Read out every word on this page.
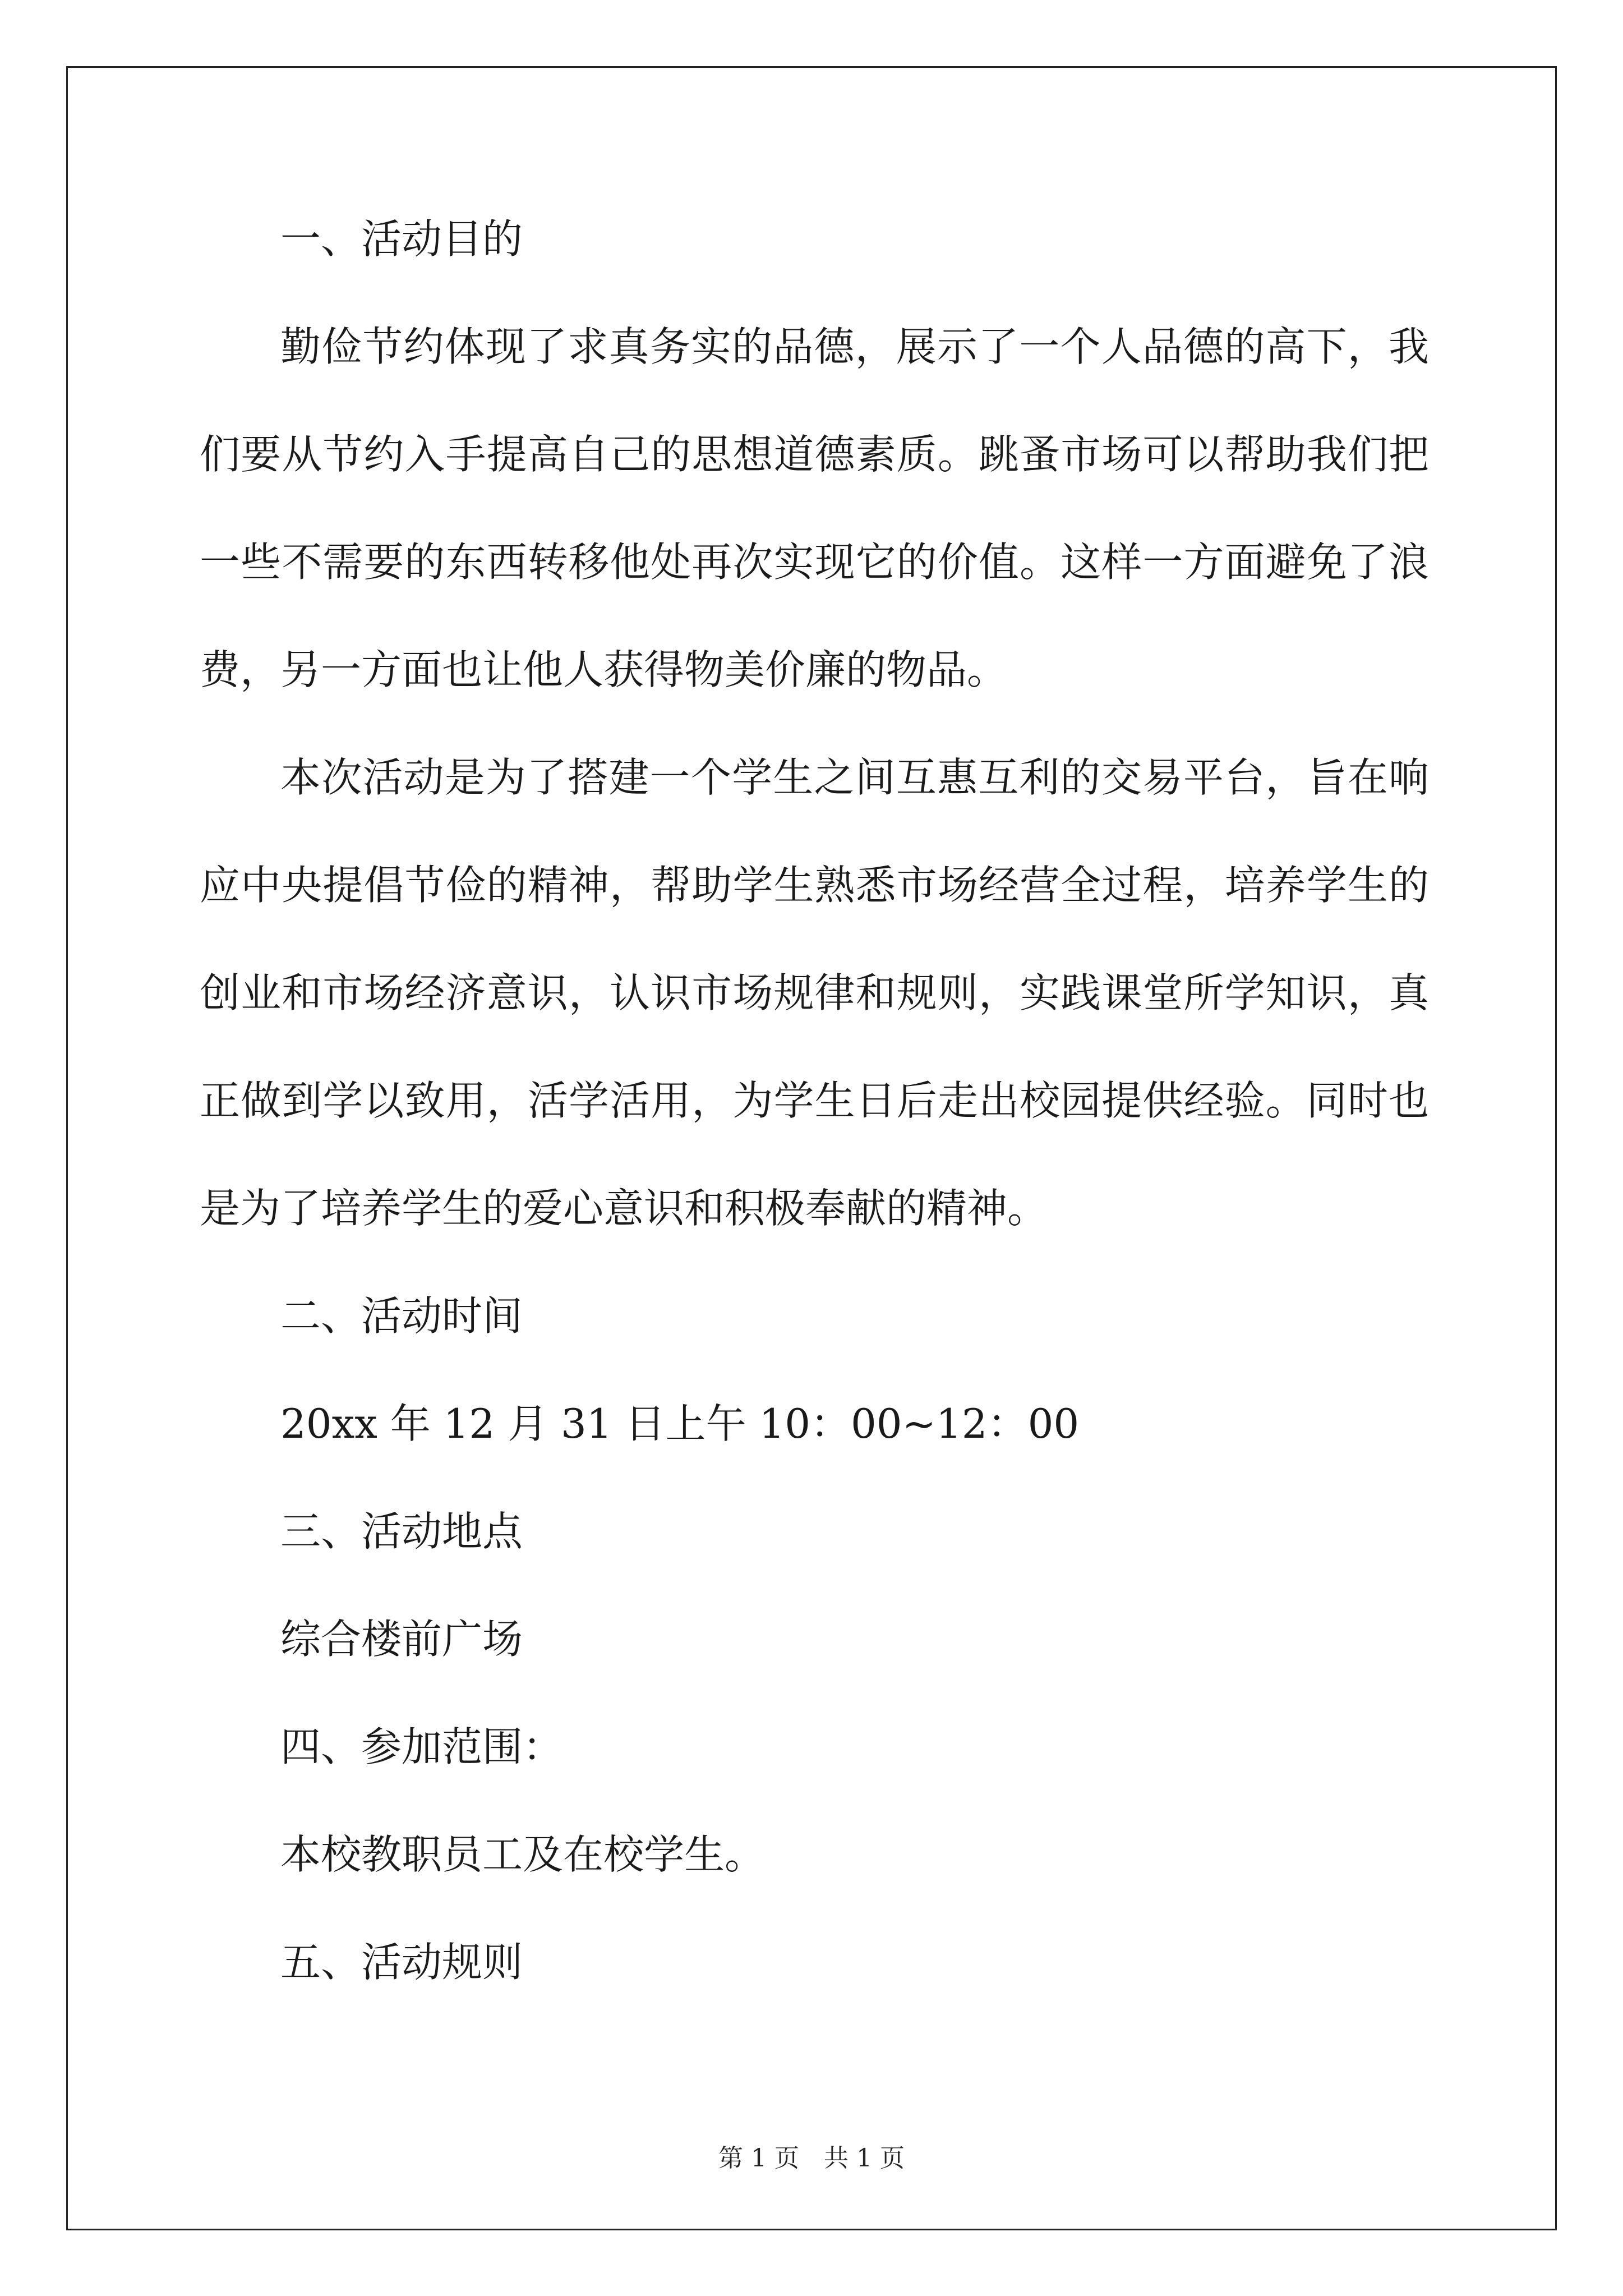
一、活动目的
勤俭节约体现了求真务实的品德，展示了一个人品德的高下，我
们要从节约入手提高自己的思想道德素质。跳蚤市场可以帮助我们把
一些不需要的东西转移他处再次实现它的价值。这样一方面避免了浪
费，另一方面也让他人获得物美价廉的物品。
本次活动是为了搭建一个学生之间互惠互利的交易平台，旨在响
应中央提倡节俭的精神，帮助学生熟悉市场经营全过程，培养学生的
创业和市场经济意识，认识市场规律和规则，实践课堂所学知识，真
正做到学以致用，活学活用，为学生日后走出校园提供经验。同时也
是为了培养学生的爱心意识和积极奉献的精神。
二、活动时间
20xx 年 12 月 31 日上午 10：00~12：00
三、活动地点
综合楼前广场
四、参加范围：
本校教职员工及在校学生。
五、活动规则
第 1 页　共 1 页
